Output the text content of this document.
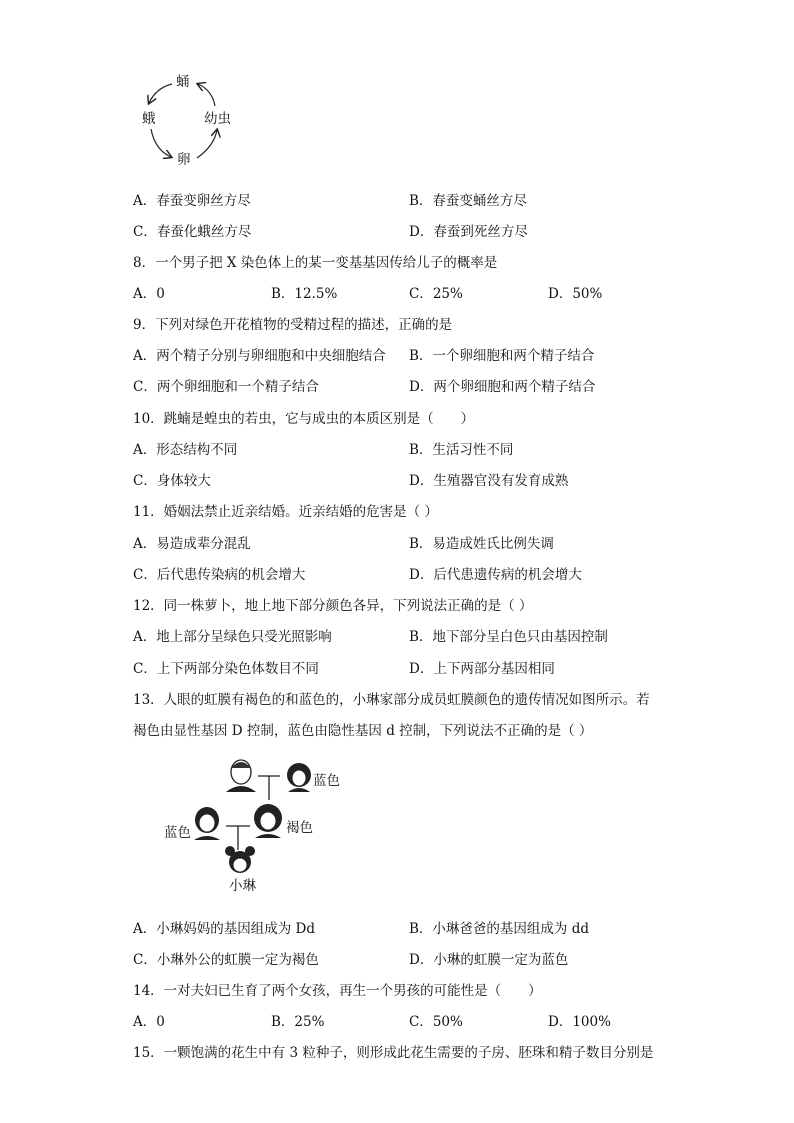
蛹
蛾	幼虫
卵
A．春蚕变卵丝方尽	B．春蚕变蛹丝方尽
C．春蚕化蛾丝方尽	D．春蚕到死丝方尽
8．一个男子把 X 染色体上的某一变基基因传给儿子的概率是
A．0	B．12.5%	C．25%	D．50%
9．下列对绿色开花植物的受精过程的描述，正确的是
A．两个精子分别与卵细胞和中央细胞结合 B．一个卵细胞和两个精子结合
C．两个卵细胞和一个精子结合	D．两个卵细胞和两个精子结合
10．跳蝻是蝗虫的若虫，它与成虫的本质区别是（　　）
A．形态结构不同	B．生活习性不同
C．身体较大	D．生殖器官没有发育成熟
11．婚姻法禁止近亲结婚。近亲结婚的危害是（ ）
A．易造成辈分混乱	B．易造成姓氏比例失调
C．后代患传染病的机会增大	D．后代患遗传病的机会增大
12．同一株萝卜，地上地下部分颜色各异，下列说法正确的是（ ）
A．地上部分呈绿色只受光照影响	B．地下部分呈白色只由基因控制
C．上下两部分染色体数目不同	D．上下两部分基因相同
13．人眼的虹膜有褐色的和蓝色的，小琳家部分成员虹膜颜色的遗传情况如图所示。若
褐色由显性基因 D 控制，蓝色由隐性基因 d 控制，下列说法不正确的是（ ）
蓝色
蓝色	褐色
小琳
A．小琳妈妈的基因组成为 Dd	B．小琳爸爸的基因组成为 dd
C．小琳外公的虹膜一定为褐色	D．小琳的虹膜一定为蓝色
14．一对夫妇已生育了两个女孩，再生一个男孩的可能性是（　　）
A．0	B．25%	C．50%	D．100%
15．一颗饱满的花生中有 3 粒种子，则形成此花生需要的子房、胚珠和精子数目分别是
